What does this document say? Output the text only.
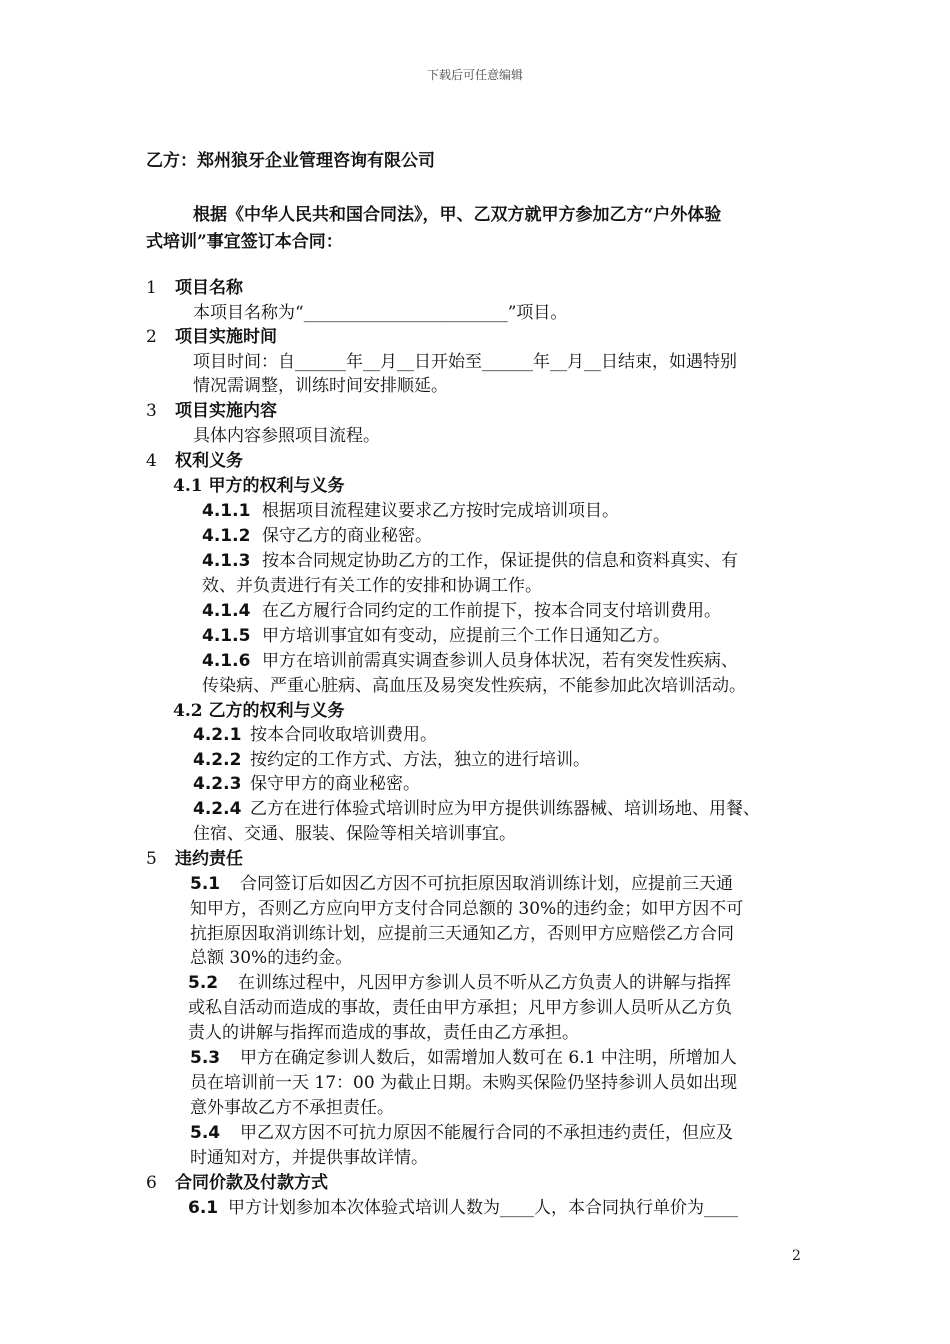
下载后可任意编辑
乙方：郑州狼牙企业管理咨询有限公司
根据《中华人民共和国合同法》，甲、乙双方就甲方参加乙方“户外体验
式培训”事宜签订本合同：
1 项目名称
本项目名称为“________________________”项目。
2 项目实施时间
项目时间：自______年__月__日开始至______年__月__日结束，如遇特别
情况需调整，训练时间安排顺延。
3 项目实施内容
具体内容参照项目流程。
4 权利义务
4.1 甲方的权利与义务
4.1.1 根据项目流程建议要求乙方按时完成培训项目。
4.1.2 保守乙方的商业秘密。
4.1.3 按本合同规定协助乙方的工作，保证提供的信息和资料真实、有
效、并负责进行有关工作的安排和协调工作。
4.1.4 在乙方履行合同约定的工作前提下，按本合同支付培训费用。
4.1.5 甲方培训事宜如有变动，应提前三个工作日通知乙方。
4.1.6 甲方在培训前需真实调查参训人员身体状况，若有突发性疾病、
传染病、严重心脏病、高血压及易突发性疾病，不能参加此次培训活动。
4.2 乙方的权利与义务
4.2.1 按本合同收取培训费用。
4.2.2 按约定的工作方式、方法，独立的进行培训。
4.2.3 保守甲方的商业秘密。
4.2.4 乙方在进行体验式培训时应为甲方提供训练器械、培训场地、用餐、
住宿、交通、服装、保险等相关培训事宜。
5 违约责任
5.1 合同签订后如因乙方因不可抗拒原因取消训练计划，应提前三天通
知甲方，否则乙方应向甲方支付合同总额的 30%的违约金；如甲方因不可
抗拒原因取消训练计划，应提前三天通知乙方，否则甲方应赔偿乙方合同
总额 30%的违约金。
5.2 在训练过程中，凡因甲方参训人员不听从乙方负责人的讲解与指挥
或私自活动而造成的事故，责任由甲方承担；凡甲方参训人员听从乙方负
责人的讲解与指挥而造成的事故，责任由乙方承担。
5.3 甲方在确定参训人数后，如需增加人数可在 6.1 中注明，所增加人
员在培训前一天 17：00 为截止日期。未购买保险仍坚持参训人员如出现
意外事故乙方不承担责任。
5.4 甲乙双方因不可抗力原因不能履行合同的不承担违约责任，但应及
时通知对方，并提供事故详情。
6 合同价款及付款方式
6.1 甲方计划参加本次体验式培训人数为____人，本合同执行单价为____
2
